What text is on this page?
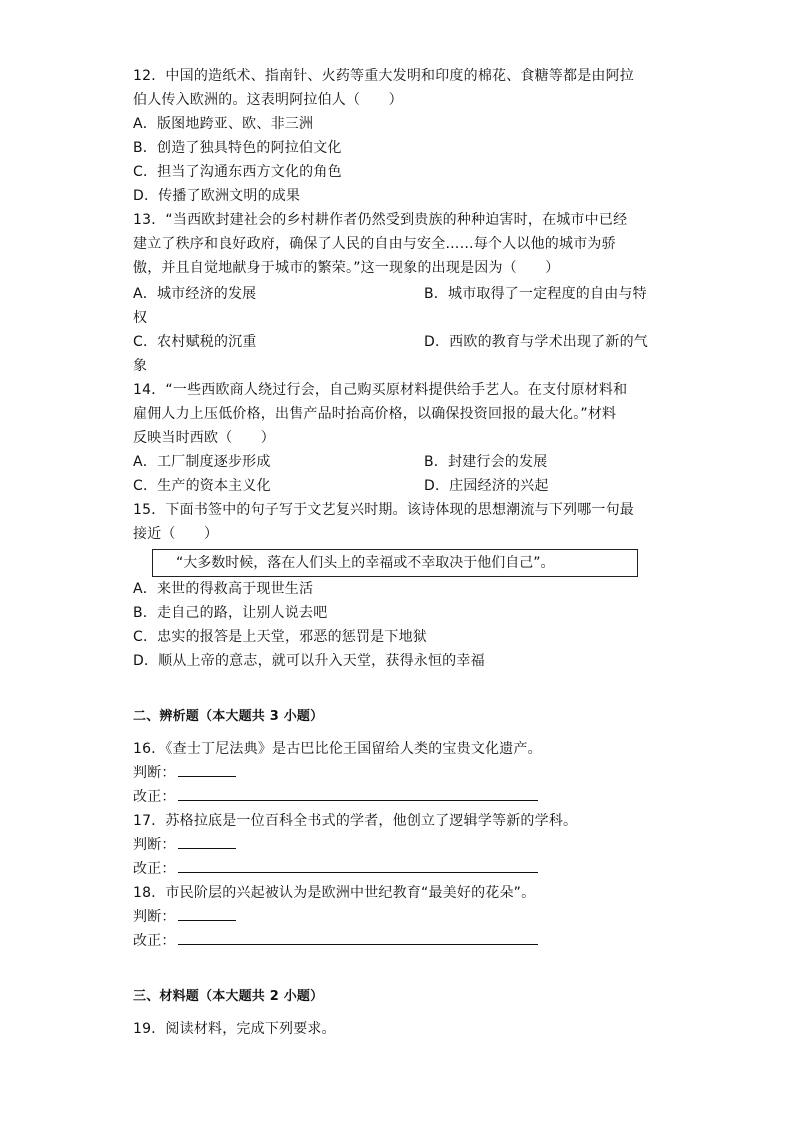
12．中国的造纸术、指南针、火药等重大发明和印度的棉花、食糖等都是由阿拉
伯人传入欧洲的。这表明阿拉伯人（　　）
A．版图地跨亚、欧、非三洲
B．创造了独具特色的阿拉伯文化
C．担当了沟通东西方文化的角色
D．传播了欧洲文明的成果
13．“当西欧封建社会的乡村耕作者仍然受到贵族的种种迫害时，在城市中已经
建立了秩序和良好政府，确保了人民的自由与安全……每个人以他的城市为骄
傲，并且自觉地献身于城市的繁荣。”这一现象的出现是因为（　　）
A．城市经济的发展	B．城市取得了一定程度的自由与特
权
C．农村赋税的沉重	D．西欧的教育与学术出现了新的气
象
14．“一些西欧商人绕过行会，自己购买原材料提供给手艺人。在支付原材料和
雇佣人力上压低价格，出售产品时抬高价格，以确保投资回报的最大化。”材料
反映当时西欧（　　）
A．工厂制度逐步形成	B．封建行会的发展
C．生产的资本主义化	D．庄园经济的兴起
15．下面书签中的句子写于文艺复兴时期。该诗体现的思想潮流与下列哪一句最
接近（　　）
“大多数时候，落在人们头上的幸福或不幸取决于他们自己”。
A．来世的得救高于现世生活
B．走自己的路，让别人说去吧
C．忠实的报答是上天堂，邪恶的惩罚是下地狱
D．顺从上帝的意志，就可以升入天堂，获得永恒的幸福
二、辨析题（本大题共 3 小题）
16．《查士丁尼法典》是古巴比伦王国留给人类的宝贵文化遗产。
判断：
改正：
17．苏格拉底是一位百科全书式的学者，他创立了逻辑学等新的学科。
判断：
改正：
18．市民阶层的兴起被认为是欧洲中世纪教育“最美好的花朵”。
判断：
改正：
三、材料题（本大题共 2 小题）
19．阅读材料，完成下列要求。
